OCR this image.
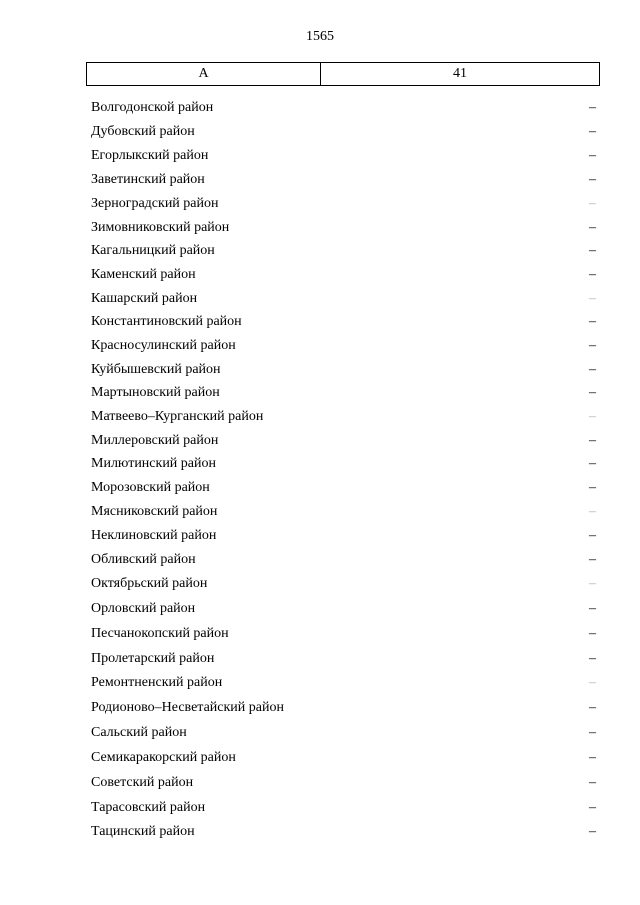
1565
А	41
Волгодонской район	–
Дубовский район	–
Егорлыкский район	–
Заветинский район	–
Зерноградский район	–
Зимовниковский район	–
Кагальницкий район	–
Каменский район	–
Кашарский район	–
Константиновский район	–
Красносулинский район	–
Куйбышевский район	–
Мартыновский район	–
Матвеево–Курганский район	–
Миллеровский район	–
Милютинский район	–
Морозовский район	–
Мясниковский район	–
Неклиновский район	–
Обливский район	–
Октябрьский район	–
Орловский район	–
Песчанокопский район	–
Пролетарский район	–
Ремонтненский район	–
Родионово–Несветайский район	–
Сальский район	–
Семикаракорский район	–
Советский район	–
Тарасовский район	–
Тацинский район	–
